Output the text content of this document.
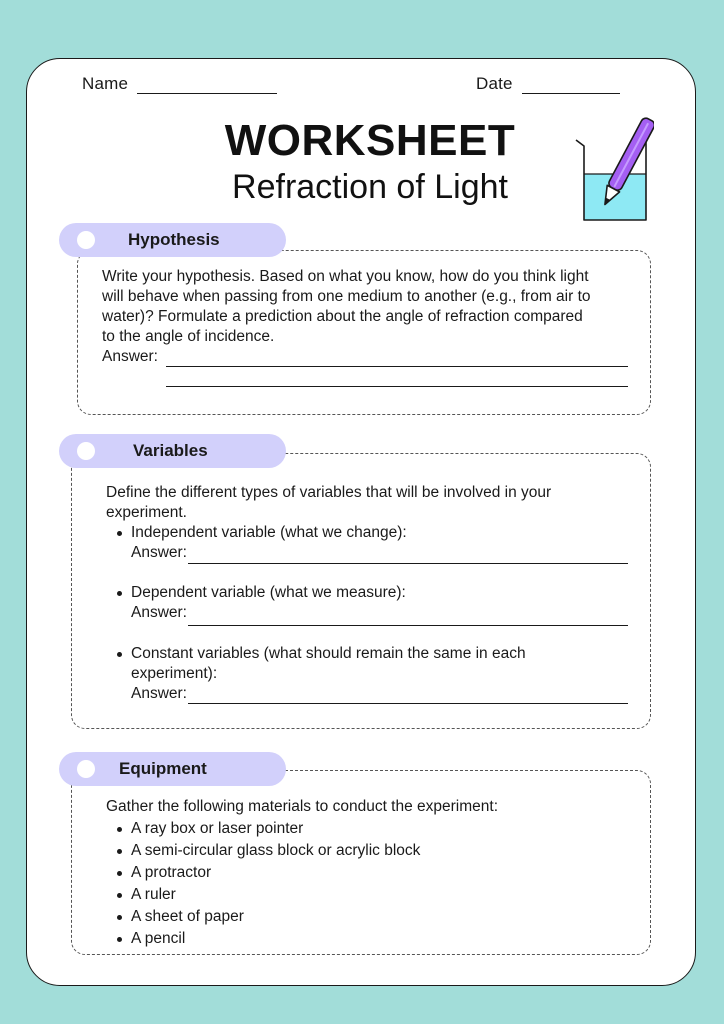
Name	Date
WORKSHEET
Refraction of Light
Hypothesis
Write your hypothesis. Based on what you know, how do you think light
will behave when passing from one medium to another (e.g., from air to
water)? Formulate a prediction about the angle of refraction compared
to the angle of incidence.
Answer:
Variables
Define the different types of variables that will be involved in your
experiment.
Independent variable (what we change):
Answer:
Dependent variable (what we measure):
Answer:
Constant variables (what should remain the same in each
experiment):
Answer:
Equipment
Gather the following materials to conduct the experiment:
A ray box or laser pointer
A semi-circular glass block or acrylic block
A protractor
A ruler
A sheet of paper
A pencil
